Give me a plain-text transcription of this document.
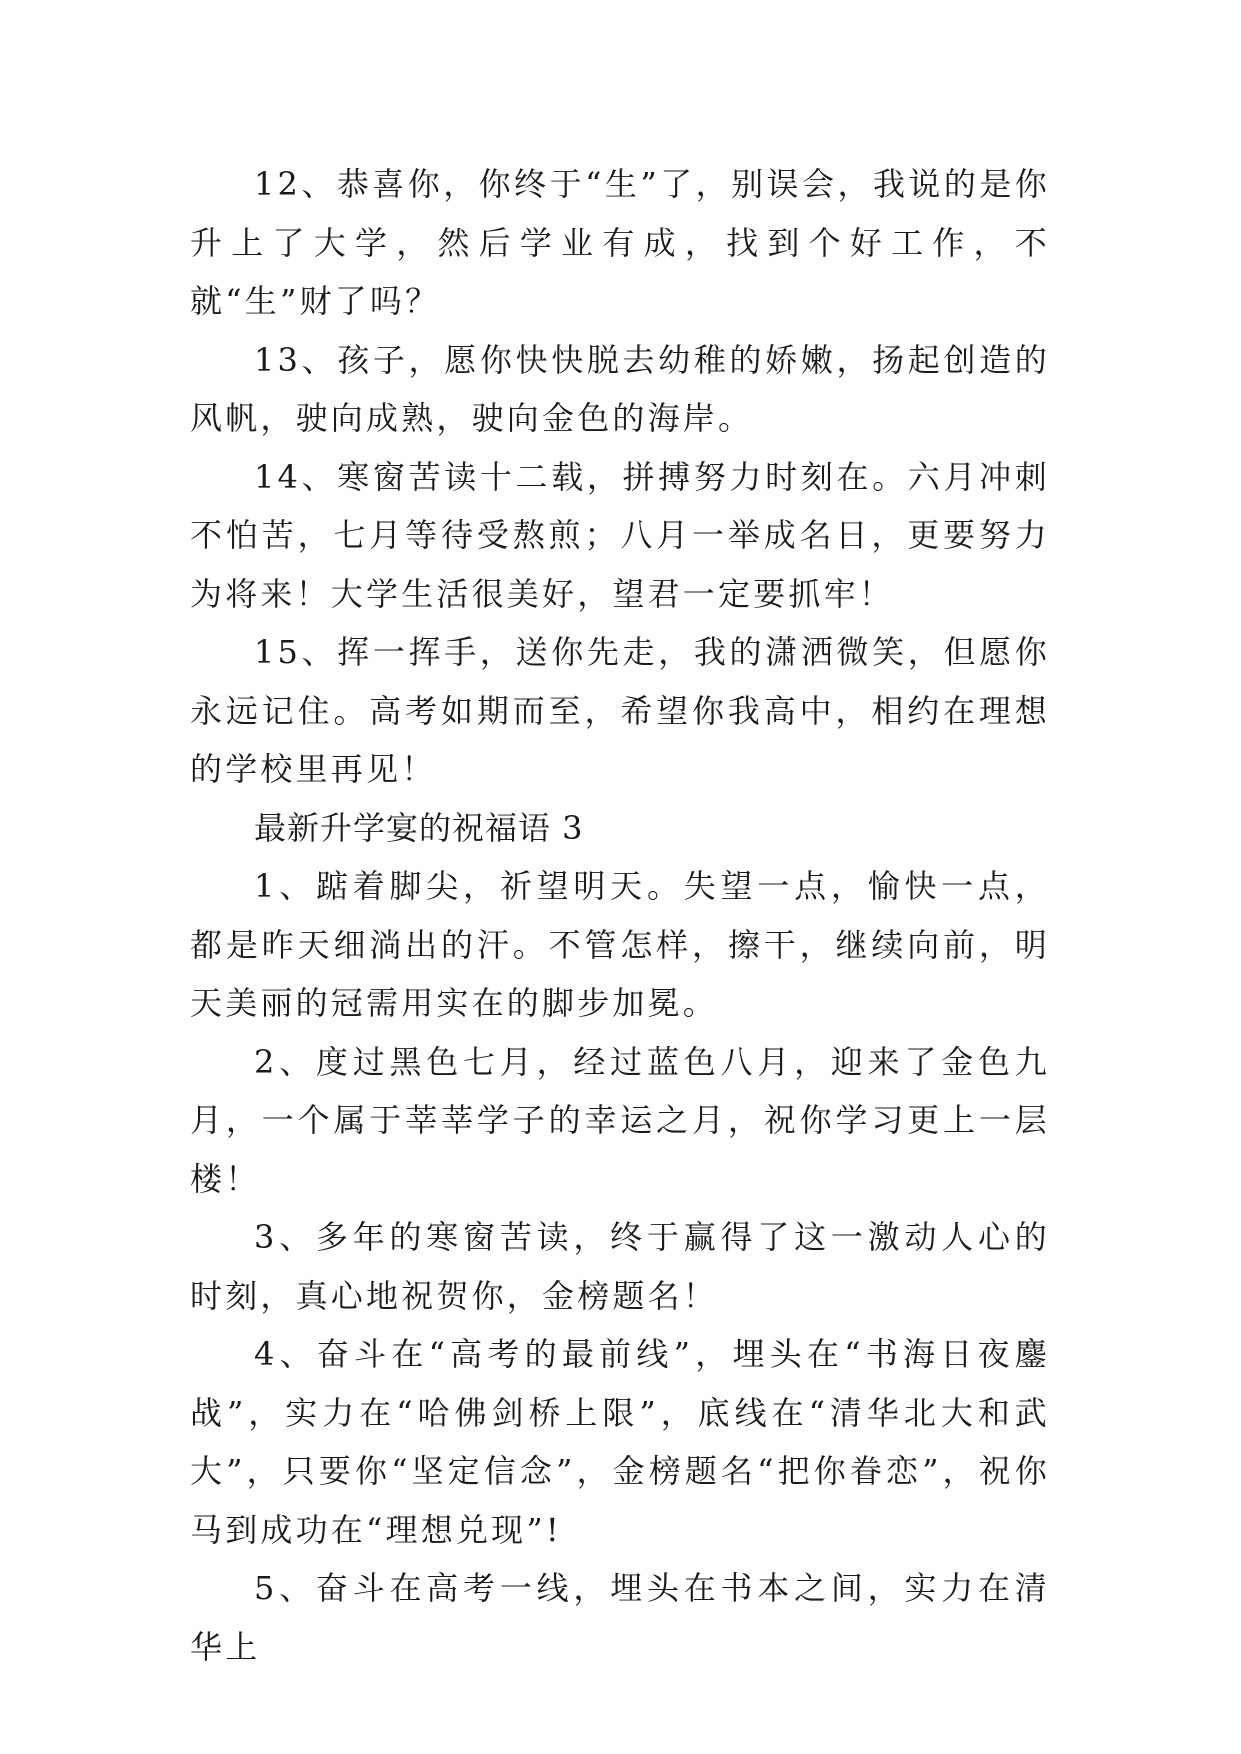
12、恭喜你，你终于“生”了，别误会，我说的是你升上了大学，然后学业有成，找到个好工作，不就“生”财了吗？

13、孩子，愿你快快脱去幼稚的娇嫩，扬起创造的风帆，驶向成熟，驶向金色的海岸。

14、寒窗苦读十二载，拼搏努力时刻在。六月冲刺不怕苦，七月等待受熬煎；八月一举成名日，更要努力为将来！大学生活很美好，望君一定要抓牢！

15、挥一挥手，送你先走，我的潇洒微笑，但愿你永远记住。高考如期而至，希望你我高中，相约在理想的学校里再见！

最新升学宴的祝福语 3

1、踮着脚尖，祈望明天。失望一点，愉快一点，都是昨天细淌出的汗。不管怎样，擦干，继续向前，明天美丽的冠需用实在的脚步加冕。

2、度过黑色七月，经过蓝色八月，迎来了金色九月，一个属于莘莘学子的幸运之月，祝你学习更上一层楼！

3、多年的寒窗苦读，终于赢得了这一激动人心的时刻，真心地祝贺你，金榜题名！

4、奋斗在“高考的最前线”，埋头在“书海日夜鏖战”，实力在“哈佛剑桥上限”，底线在“清华北大和武大”，只要你“坚定信念”，金榜题名“把你眷恋”，祝你马到成功在“理想兑现”!

5、奋斗在高考一线，埋头在书本之间，实力在清华上
